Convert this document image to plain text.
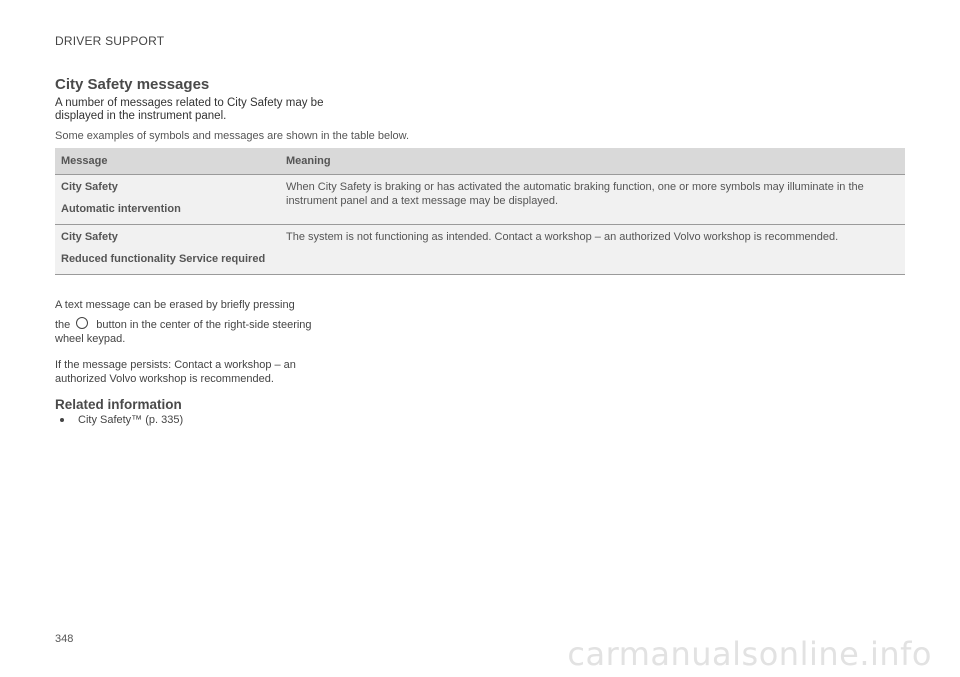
DRIVER SUPPORT
City Safety messages
A number of messages related to City Safety may be displayed in the instrument panel.
Some examples of symbols and messages are shown in the table below.
Message	Meaning

City Safety
Automatic intervention	When City Safety is braking or has activated the automatic braking function, one or more symbols may illuminate in the instrument panel and a text message may be displayed.

City Safety
Reduced functionality Service required	The system is not functioning as intended. Contact a workshop – an authorized Volvo workshop is recommended.

A text message can be erased by briefly pressing
the button in the center of the right-side steering wheel keypad.

If the message persists: Contact a workshop – an authorized Volvo workshop is recommended.

Related information
City Safety™ (p. 335)
348	carmanualsonline.info
